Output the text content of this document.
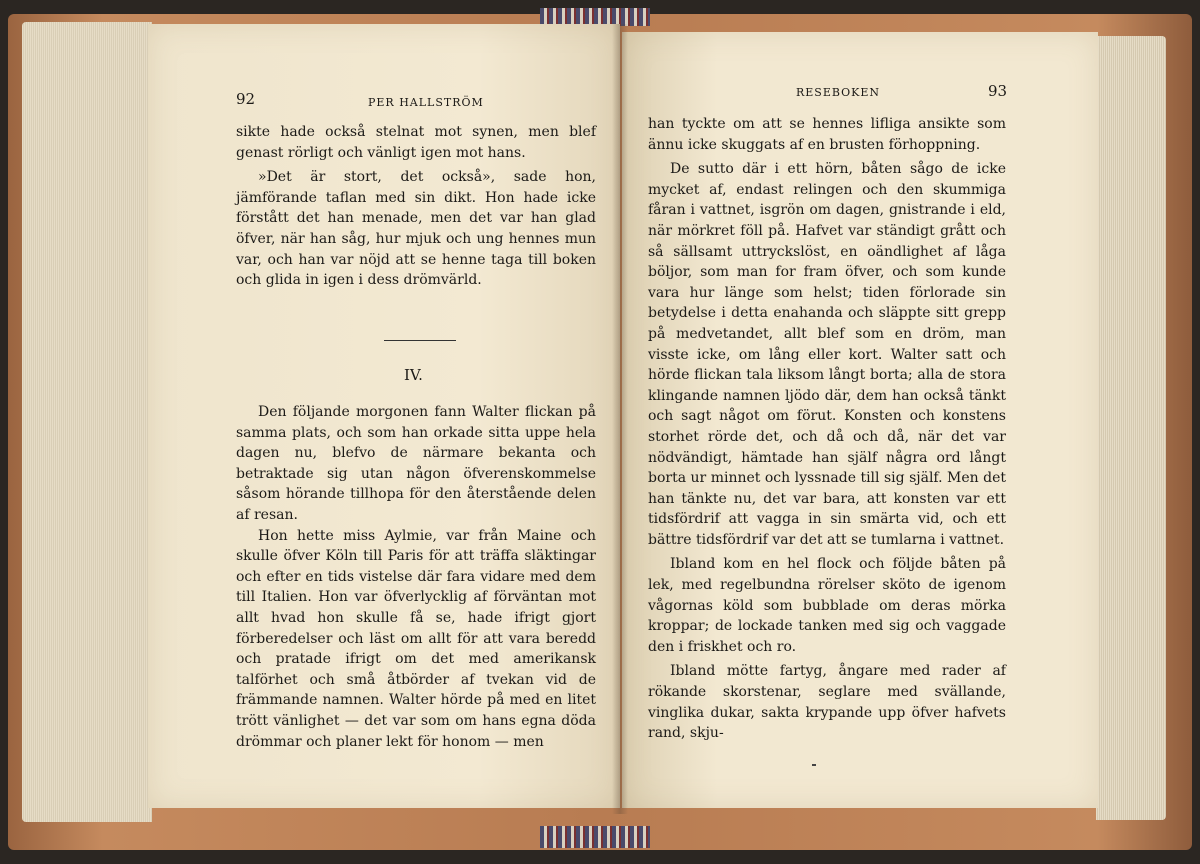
92	PER HALLSTRÖM

sikte hade också stelnat mot synen, men blef genast rörligt och vänligt igen mot hans.

»Det är stort, det också», sade hon, jämförande taflan med sin dikt. Hon hade icke förstått det han menade, men det var han glad öfver, när han såg, hur mjuk och ung hennes mun var, och han var nöjd att se henne taga till boken och glida in igen i dess drömvärld.

IV.

Den följande morgonen fann Walter flickan på samma plats, och som han orkade sitta uppe hela dagen nu, blefvo de närmare bekanta och betraktade sig utan någon öfverenskommelse såsom hörande tillhopa för den återstående delen af resan.

Hon hette miss Aylmie, var från Maine och skulle öfver Köln till Paris för att träffa släktingar och efter en tids vistelse där fara vidare med dem till Italien. Hon var öfverlycklig af förväntan mot allt hvad hon skulle få se, hade ifrigt gjort förberedelser och läst om allt för att vara beredd och pratade ifrigt om det med amerikansk talförhet och små åtbörder af tvekan vid de främmande namnen. Walter hörde på med en litet trött vänlighet — det var som om hans egna döda drömmar och planer lekt för honom — men

RESEBOKEN	93

han tyckte om att se hennes lifliga ansikte som ännu icke skuggats af en brusten förhoppning.

De sutto där i ett hörn, båten sågo de icke mycket af, endast relingen och den skummiga fåran i vattnet, isgrön om dagen, gnistrande i eld, när mörkret föll på. Hafvet var ständigt grått och så sällsamt uttryckslöst, en oändlighet af låga böljor, som man for fram öfver, och som kunde vara hur länge som helst; tiden förlorade sin betydelse i detta enahanda och släppte sitt grepp på medvetandet, allt blef som en dröm, man visste icke, om lång eller kort. Walter satt och hörde flickan tala liksom långt borta; alla de stora klingande namnen ljödo där, dem han också tänkt och sagt något om förut. Konsten och konstens storhet rörde det, och då och då, när det var nödvändigt, hämtade han själf några ord långt borta ur minnet och lyssnade till sig själf. Men det han tänkte nu, det var bara, att konsten var ett tidsfördrif att vagga in sin smärta vid, och ett bättre tidsfördrif var det att se tumlarna i vattnet.

Ibland kom en hel flock och följde båten på lek, med regelbundna rörelser sköto de igenom vågornas köld som bubblade om deras mörka kroppar; de lockade tanken med sig och vaggade den i friskhet och ro.

Ibland mötte fartyg, ångare med rader af rökande skorstenar, seglare med svällande, vinglika dukar, sakta krypande upp öfver hafvets rand, skju-
